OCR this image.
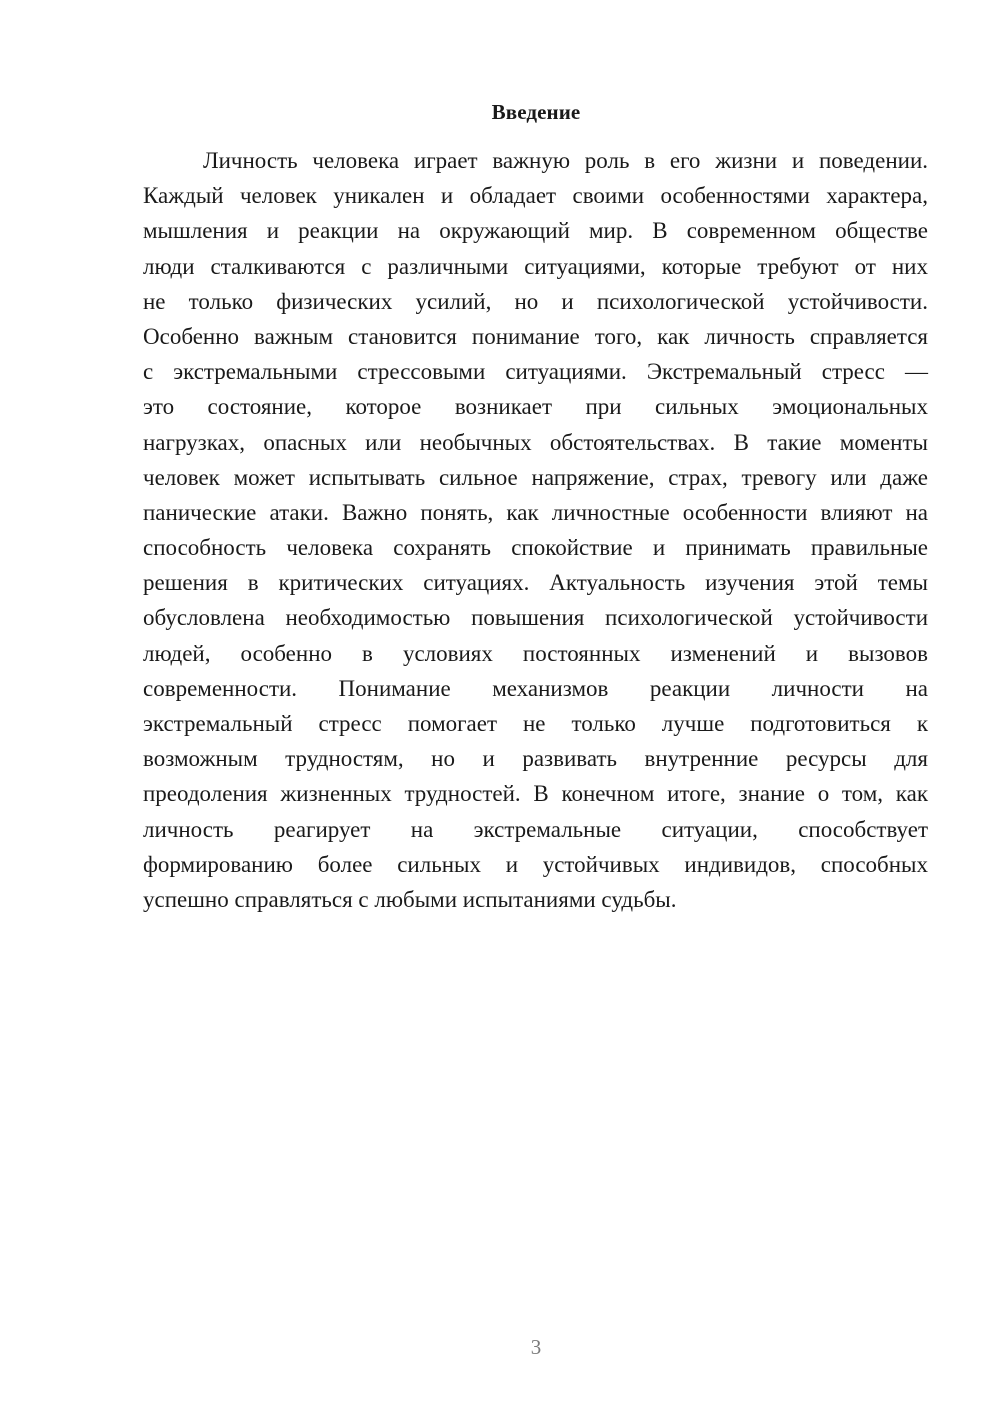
Введение
Личность человека играет важную роль в его жизни и поведении.
Каждый человек уникален и обладает своими особенностями характера,
мышления и реакции на окружающий мир. В современном обществе
люди сталкиваются с различными ситуациями, которые требуют от них
не только физических усилий, но и психологической устойчивости.
Особенно важным становится понимание того, как личность справляется
с экстремальными стрессовыми ситуациями. Экстремальный стресс —
это состояние, которое возникает при сильных эмоциональных
нагрузках, опасных или необычных обстоятельствах. В такие моменты
человек может испытывать сильное напряжение, страх, тревогу или даже
панические атаки. Важно понять, как личностные особенности влияют на
способность человека сохранять спокойствие и принимать правильные
решения в критических ситуациях. Актуальность изучения этой темы
обусловлена необходимостью повышения психологической устойчивости
людей, особенно в условиях постоянных изменений и вызовов
современности. Понимание механизмов реакции личности на
экстремальный стресс помогает не только лучше подготовиться к
возможным трудностям, но и развивать внутренние ресурсы для
преодоления жизненных трудностей. В конечном итоге, знание о том, как
личность реагирует на экстремальные ситуации, способствует
формированию более сильных и устойчивых индивидов, способных
успешно справляться с любыми испытаниями судьбы.
3
